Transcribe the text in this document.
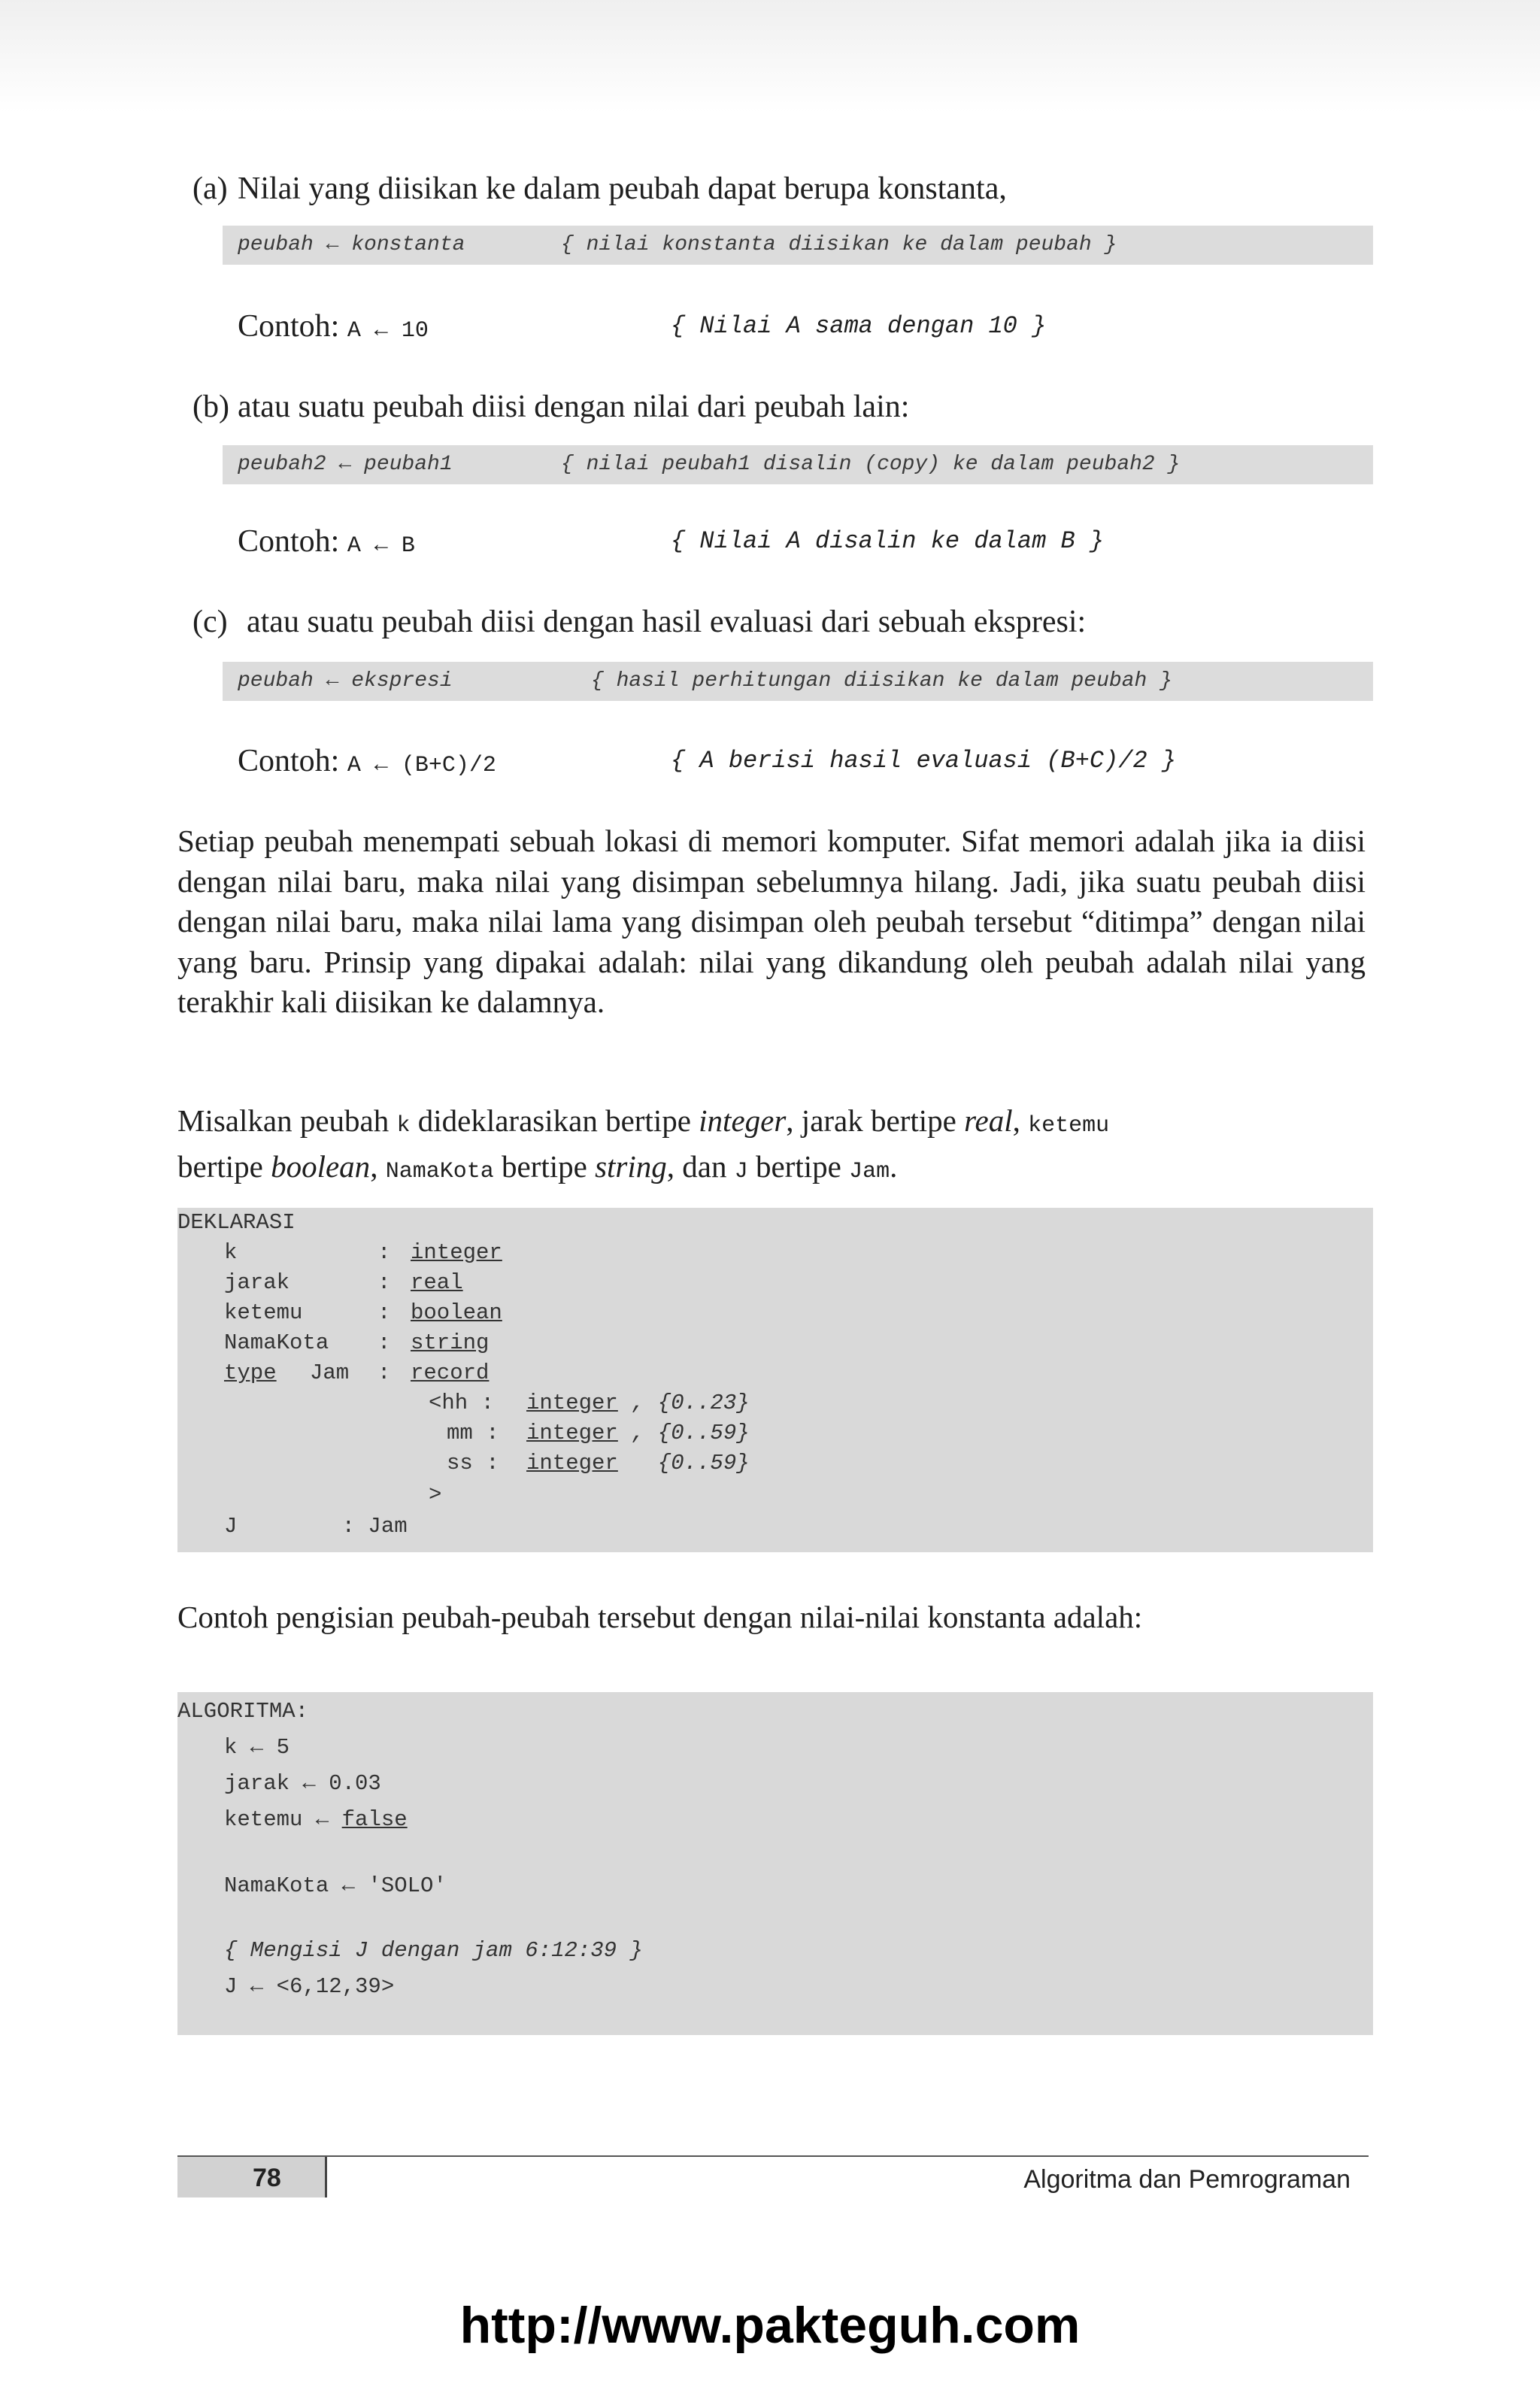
(a) Nilai yang diisikan ke dalam peubah dapat berupa konstanta,
peubah ← konstanta	{ nilai konstanta diisikan ke dalam peubah }
Contoh: A ← 10	{ Nilai A sama dengan 10 }
(b) atau suatu peubah diisi dengan nilai dari peubah lain:
peubah2 ← peubah1	{ nilai peubah1 disalin (copy) ke dalam peubah2 }
Contoh: A ← B	{ Nilai A disalin ke dalam B }
(c) atau suatu peubah diisi dengan hasil evaluasi dari sebuah ekspresi:
peubah ← ekspresi	{ hasil perhitungan diisikan ke dalam peubah }
Contoh: A ← (B+C)/2	{ A berisi hasil evaluasi (B+C)/2 }
Setiap peubah menempati sebuah lokasi di memori komputer. Sifat memori adalah jika ia diisi dengan nilai baru, maka nilai yang disimpan sebelumnya hilang. Jadi, jika suatu peubah diisi dengan nilai baru, maka nilai lama yang disimpan oleh peubah tersebut “ditimpa” dengan nilai yang baru. Prinsip yang dipakai adalah: nilai yang dikandung oleh peubah adalah nilai yang terakhir kali diisikan ke dalamnya.
Misalkan peubah k dideklarasikan bertipe integer, jarak bertipe real, ketemu
bertipe boolean, NamaKota bertipe string, dan J bertipe Jam.
DEKLARASI
k	: integer
jarak	: real
ketemu	: boolean
NamaKota : string
type Jam : record
<hh : integer , {0..23}
mm : integer , {0..59}
ss : integer {0..59}
>
J        : Jam
Contoh pengisian peubah-peubah tersebut dengan nilai-nilai konstanta adalah:
ALGORITMA:
k ← 5
jarak ← 0.03
ketemu ← false
NamaKota ← 'SOLO'
{ Mengisi J dengan jam 6:12:39 }
J ← <6,12,39>
78	Algoritma dan Pemrograman
http://www.pakteguh.com
